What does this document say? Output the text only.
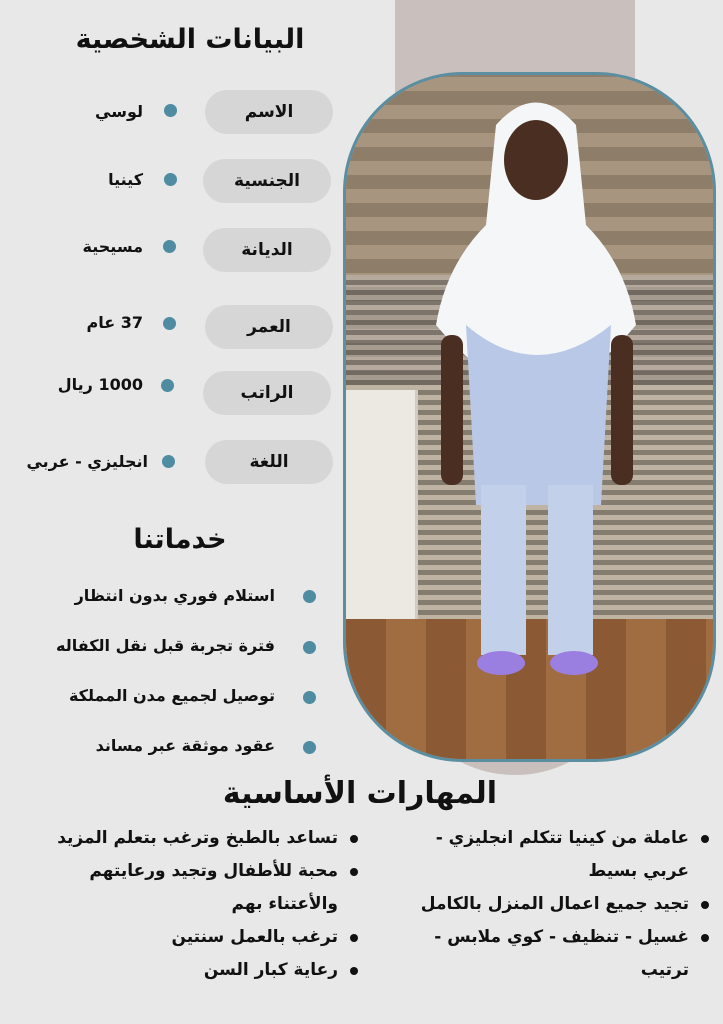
البيانات الشخصية
الاسم
لوسي
الجنسية
كينيا
الديانة
مسيحية
العمر
37 عام
الراتب
1000 ريال
اللغة
انجليزي - عربي
خدماتنا
استلام فوري بدون انتظار
فترة تجربة قبل نقل الكفاله
توصيل لجميع مدن المملكة
عقود موثقة عبر مساند
المهارات الأساسية
عاملة من كينيا تتكلم انجليزي -
عربي بسيط
تجيد جميع اعمال المنزل بالكامل
غسيل - تنظيف - كوي ملابس -
ترتيب
تساعد بالطبخ وترغب بتعلم المزيد
محبة للأطفال وتجيد ورعايتهم
والأعتناء بهم
ترغب بالعمل سنتين
رعاية كبار السن
